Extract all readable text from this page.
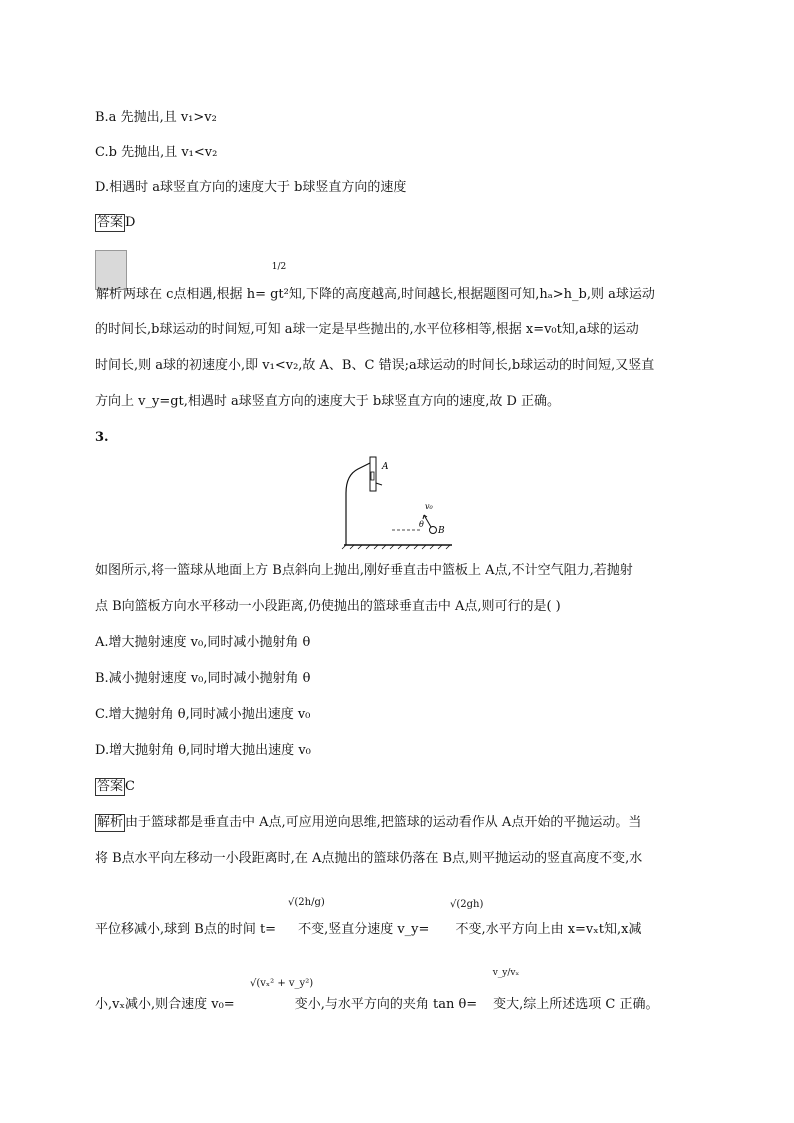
B.a 先抛出,且 v₁>v₂
C.b 先抛出,且 v₁<v₂
D.相遇时 a球竖直方向的速度大于 b球竖直方向的速度
答案 D
1/2
解析两球在 c点相遇,根据 h= gt²知,下降的高度越高,时间越长,根据题图可知,hₐ>h_b,则 a球运动
的时间长,b球运动的时间短,可知 a球一定是早些抛出的,水平位移相等,根据 x=v₀t知,a球的运动
时间长,则 a球的初速度小,即 v₁<v₂,故 A、B、C 错误;a球运动的时间长,b球运动的时间短,又竖直
方向上 v_y=gt,相遇时 a球竖直方向的速度大于 b球竖直方向的速度,故 D 正确。
3.
A
v₀
θ
B
如图所示,将一篮球从地面上方 B点斜向上抛出,刚好垂直击中篮板上 A点,不计空气阻力,若抛射
点 B向篮板方向水平移动一小段距离,仍使抛出的篮球垂直击中 A点,则可行的是( )
A.增大抛射速度 v₀,同时减小抛射角 θ
B.减小抛射速度 v₀,同时减小抛射角 θ
C.增大抛射角 θ,同时减小抛出速度 v₀
D.增大抛射角 θ,同时增大抛出速度 v₀
答案 C
解析 由于篮球都是垂直击中 A点,可应用逆向思维,把篮球的运动看作从 A点开始的平抛运动。当
将 B点水平向左移动一小段距离时,在 A点抛出的篮球仍落在 B点,则平抛运动的竖直高度不变,水
√(2h/g)	√(2gh)
平位移减小,球到 B点的时间 t= 不变,竖直分速度 v_y= 不变,水平方向上由 x=vₓt知,x减
√(vₓ² + v_y²)
v_y/vₓ
小,vₓ减小,则合速度 v₀=	变小,与水平方向的夹角 tan θ= 变大,综上所述选项 C 正确。
